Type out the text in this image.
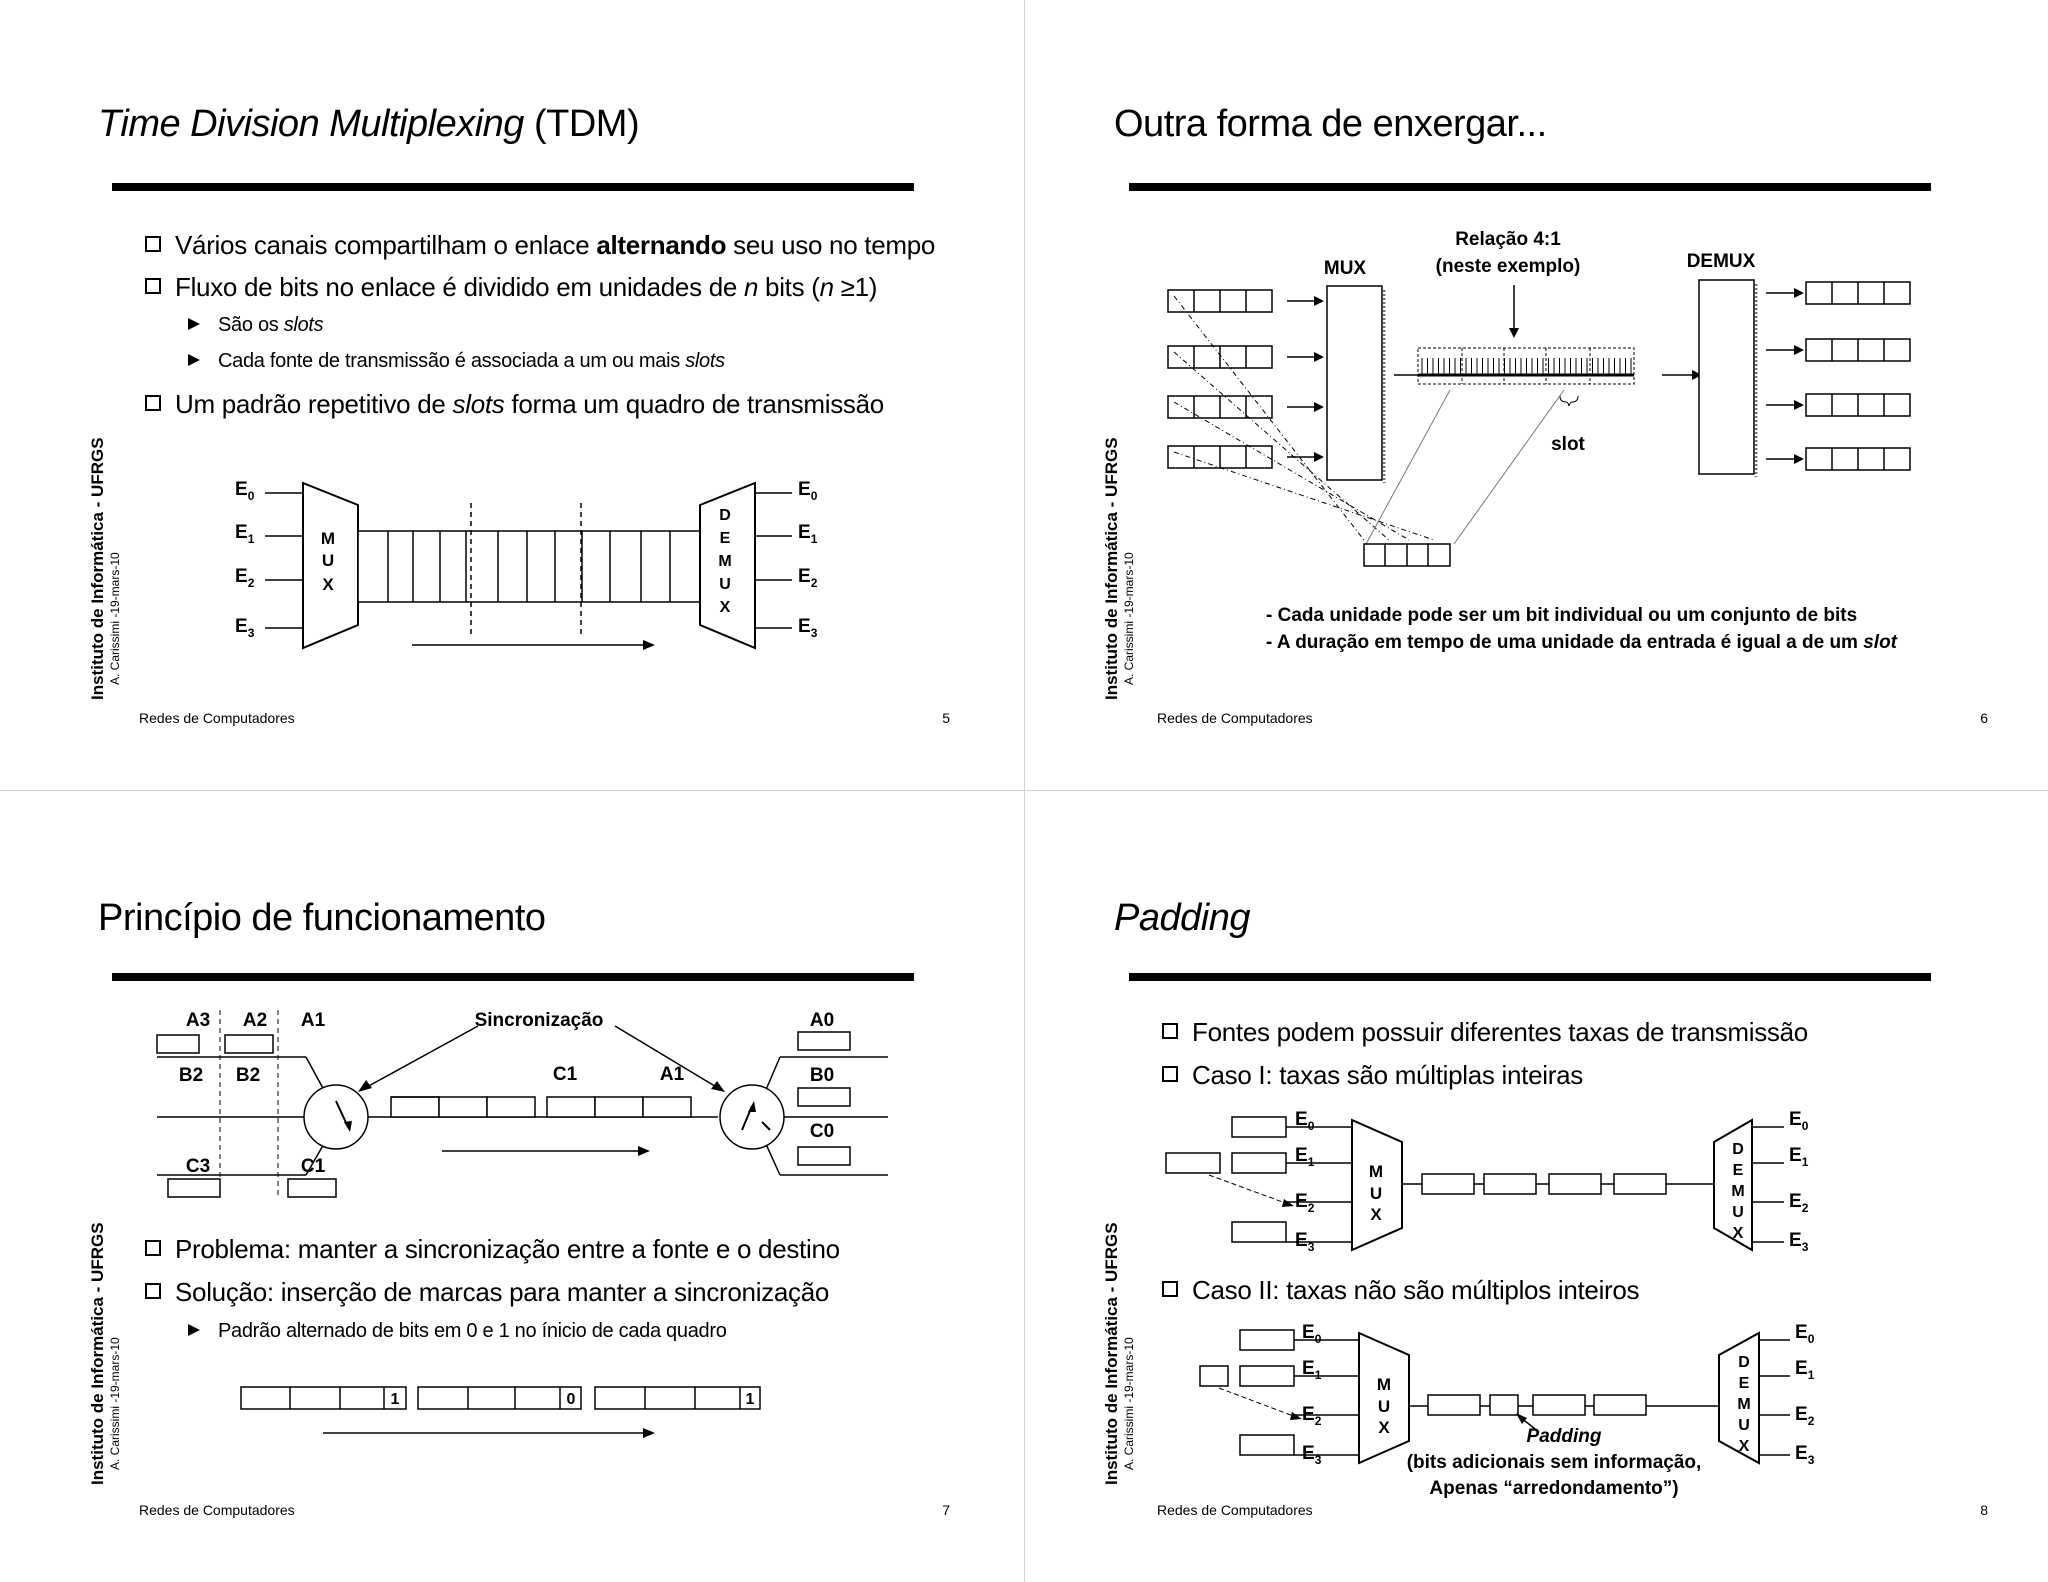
Time Division Multiplexing (TDM)
Vários canais compartilham o enlace alternando seu uso no tempo
Fluxo de bits no enlace é dividido em unidades de n bits (n ≥1)
São os slots
Cada fonte de transmissão é associada a um ou mais slots
Um padrão repetitivo de slots forma um quadro de transmissão
$E_0$
$E_1$
$E_2$
$E_3$
M
U
X
D
E
M
U
X
$E_0$
$E_1$
$E_2$
$E_3$
Instituto de Informática - UFRGS A. Carissimi -19-mars-10
Redes de Computadores	5
Outra forma de enxergar...
MUX
Relação 4:1
(neste exemplo)	DEMUX
slot
- Cada unidade pode ser um bit individual ou um conjunto de bits
- A duração em tempo de uma unidade da entrada é igual a de um slot
Instituto de Informática - UFRGS A. Carissimi -19-mars-10
Redes de Computadores	6
Princípio de funcionamento
A3 A2 A1
B2 B2
C3	C1
C1	A1
A0
B0
C0
Sincronização
Problema: manter a sincronização entre a fonte e o destino
Solução: inserção de marcas para manter a sincronização
Padrão alternado de bits em 0 e 1 no ínicio de cada quadro
1	0	1
Instituto de Informática - UFRGS A. Carissimi -19-mars-10
Redes de Computadores	7
Padding
Fontes podem possuir diferentes taxas de transmissão
Caso I: taxas são múltiplas inteiras
Caso II: taxas não são múltiplos inteiros
$E_0$
$E_1$
$E_2$
$E_3$
M
U
X
D
E
M
U
X
$E_0$
$E_1$
$E_2$
$E_3$
$E_0$
$E_1$
$E_2$
$E_3$
M
U
X
D
E
M
U
X
$E_0$
$E_1$
$E_2$
$E_3$
Padding
(bits adicionais sem informação,
Apenas “arredondamento”)
Instituto de Informática - UFRGS A. Carissimi -19-mars-10
Redes de Computadores	8
